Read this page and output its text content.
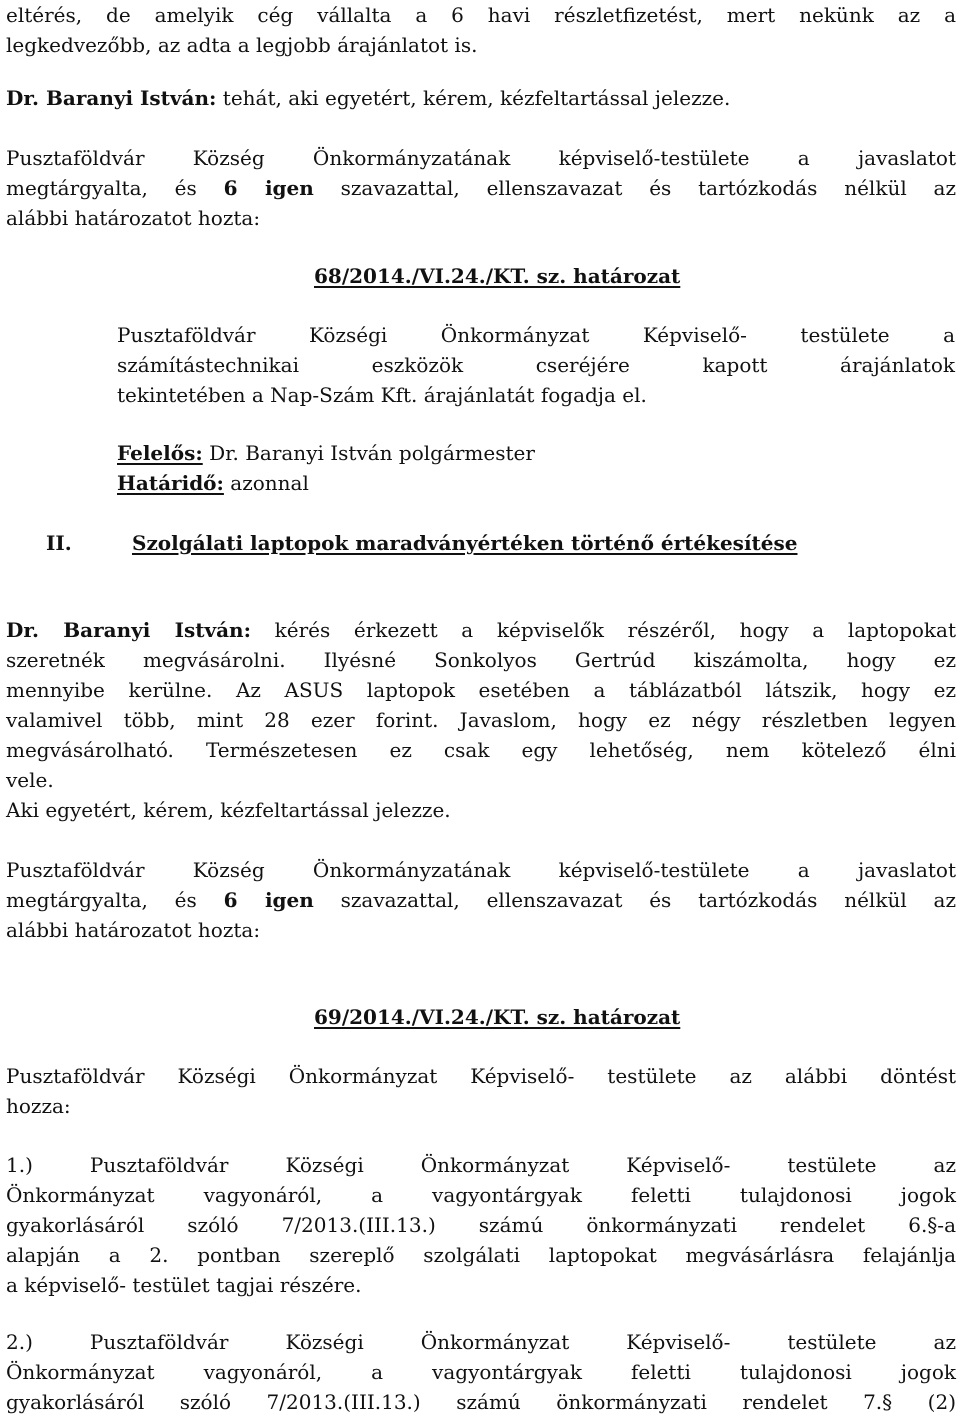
eltérés, de amelyik cég vállalta a 6 havi részletfizetést, mert nekünk az a
legkedvezőbb, az adta a legjobb árajánlatot is.
Dr. Baranyi István: tehát, aki egyetért, kérem, kézfeltartással jelezze.
Pusztaföldvár Község Önkormányzatának képviselő-testülete a javaslatot
megtárgyalta, és 6 igen szavazattal, ellenszavazat és tartózkodás nélkül az
alábbi határozatot hozta:
68/2014./VI.24./KT. sz. határozat
Pusztaföldvár Községi Önkormányzat Képviselő- testülete a
számítástechnikai eszközök cseréjére kapott árajánlatok
tekintetében a Nap-Szám Kft. árajánlatát fogadja el.
Felelős: Dr. Baranyi István polgármester
Határidő: azonnal
II.	Szolgálati laptopok maradványértéken történő értékesítése
Dr. Baranyi István: kérés érkezett a képviselők részéről, hogy a laptopokat
szeretnék megvásárolni. Ilyésné Sonkolyos Gertrúd kiszámolta, hogy ez
mennyibe kerülne. Az ASUS laptopok esetében a táblázatból látszik, hogy ez
valamivel több, mint 28 ezer forint. Javaslom, hogy ez négy részletben legyen
megvásárolható. Természetesen ez csak egy lehetőség, nem kötelező élni
vele.
Aki egyetért, kérem, kézfeltartással jelezze.
Pusztaföldvár Község Önkormányzatának képviselő-testülete a javaslatot
megtárgyalta, és 6 igen szavazattal, ellenszavazat és tartózkodás nélkül az
alábbi határozatot hozta:
69/2014./VI.24./KT. sz. határozat
Pusztaföldvár Községi Önkormányzat Képviselő- testülete az alábbi döntést
hozza:
1.) Pusztaföldvár Községi Önkormányzat Képviselő- testülete az
Önkormányzat vagyonáról, a vagyontárgyak feletti tulajdonosi jogok
gyakorlásáról szóló 7/2013.(III.13.) számú önkormányzati rendelet 6.§-a
alapján a 2. pontban szereplő szolgálati laptopokat megvásárlásra felajánlja
a képviselő- testület tagjai részére.
2.) Pusztaföldvár Községi Önkormányzat Képviselő- testülete az
Önkormányzat vagyonáról, a vagyontárgyak feletti tulajdonosi jogok
gyakorlásáról szóló 7/2013.(III.13.) számú önkormányzati rendelet 7.§ (2)
